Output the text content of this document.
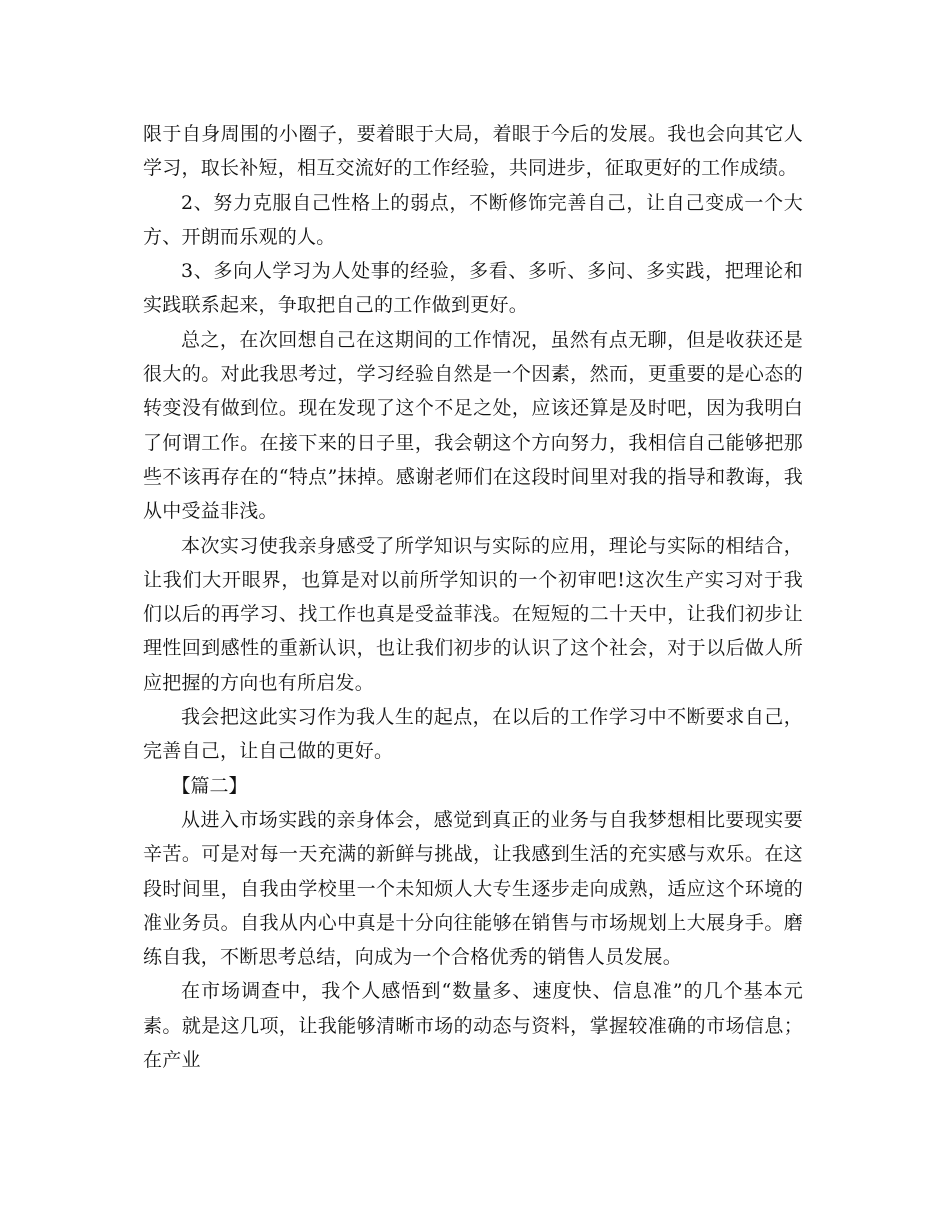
限于自身周围的小圈子，要着眼于大局，着眼于今后的发展。我也会向其它人学习，取长补短，相互交流好的工作经验，共同进步，征取更好的工作成绩。

2、努力克服自己性格上的弱点，不断修饰完善自己，让自己变成一个大方、开朗而乐观的人。

3、多向人学习为人处事的经验，多看、多听、多问、多实践，把理论和实践联系起来，争取把自己的工作做到更好。

总之，在次回想自己在这期间的工作情况，虽然有点无聊，但是收获还是很大的。对此我思考过，学习经验自然是一个因素，然而，更重要的是心态的转变没有做到位。现在发现了这个不足之处，应该还算是及时吧，因为我明白了何谓工作。在接下来的日子里，我会朝这个方向努力，我相信自己能够把那些不该再存在的“特点”抹掉。感谢老师们在这段时间里对我的指导和教诲，我从中受益非浅。

本次实习使我亲身感受了所学知识与实际的应用，理论与实际的相结合，让我们大开眼界，也算是对以前所学知识的一个初审吧!这次生产实习对于我们以后的再学习、找工作也真是受益菲浅。在短短的二十天中，让我们初步让理性回到感性的重新认识，也让我们初步的认识了这个社会，对于以后做人所应把握的方向也有所启发。

我会把这此实习作为我人生的起点，在以后的工作学习中不断要求自己，完善自己，让自己做的更好。

【篇二】

从进入市场实践的亲身体会，感觉到真正的业务与自我梦想相比要现实要辛苦。可是对每一天充满的新鲜与挑战，让我感到生活的充实感与欢乐。在这段时间里，自我由学校里一个未知烦人大专生逐步走向成熟，适应这个环境的准业务员。自我从内心中真是十分向往能够在销售与市场规划上大展身手。磨练自我，不断思考总结，向成为一个合格优秀的销售人员发展。

在市场调查中，我个人感悟到“数量多、速度快、信息准”的几个基本元素。就是这几项，让我能够清晰市场的动态与资料，掌握较准确的市场信息；在产业
